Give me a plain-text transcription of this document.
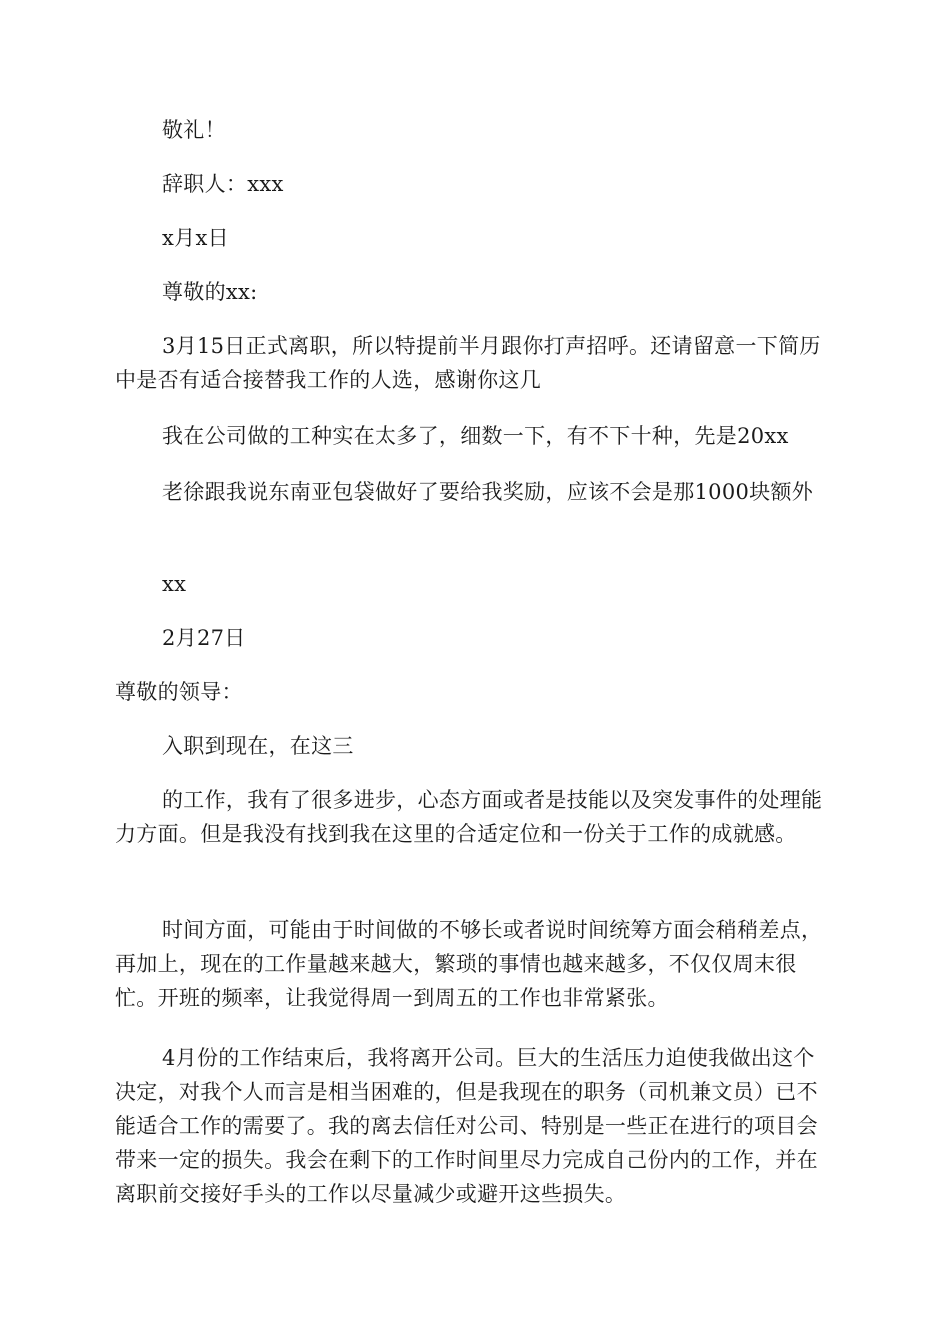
敬礼！

辞职人：xxx

x月x日

尊敬的xx:

3月15日正式离职，所以特提前半月跟你打声招呼。还请留意一下简历中是否有适合接替我工作的人选，感谢你这几

我在公司做的工种实在太多了，细数一下，有不下十种，先是20xx

老徐跟我说东南亚包袋做好了要给我奖励，应该不会是那1000块额外

xx

2月27日

尊敬的领导：

入职到现在，在这三

的工作，我有了很多进步，心态方面或者是技能以及突发事件的处理能力方面。但是我没有找到我在这里的合适定位和一份关于工作的成就感。

时间方面，可能由于时间做的不够长或者说时间统筹方面会稍稍差点，再加上，现在的工作量越来越大，繁琐的事情也越来越多，不仅仅周末很忙。开班的频率，让我觉得周一到周五的工作也非常紧张。

4月份的工作结束后，我将离开公司。巨大的生活压力迫使我做出这个决定，对我个人而言是相当困难的，但是我现在的职务（司机兼文员）已不能适合工作的需要了。我的离去信任对公司、特别是一些正在进行的项目会带来一定的损失。我会在剩下的工作时间里尽力完成自己份内的工作，并在离职前交接好手头的工作以尽量减少或避开这些损失。
